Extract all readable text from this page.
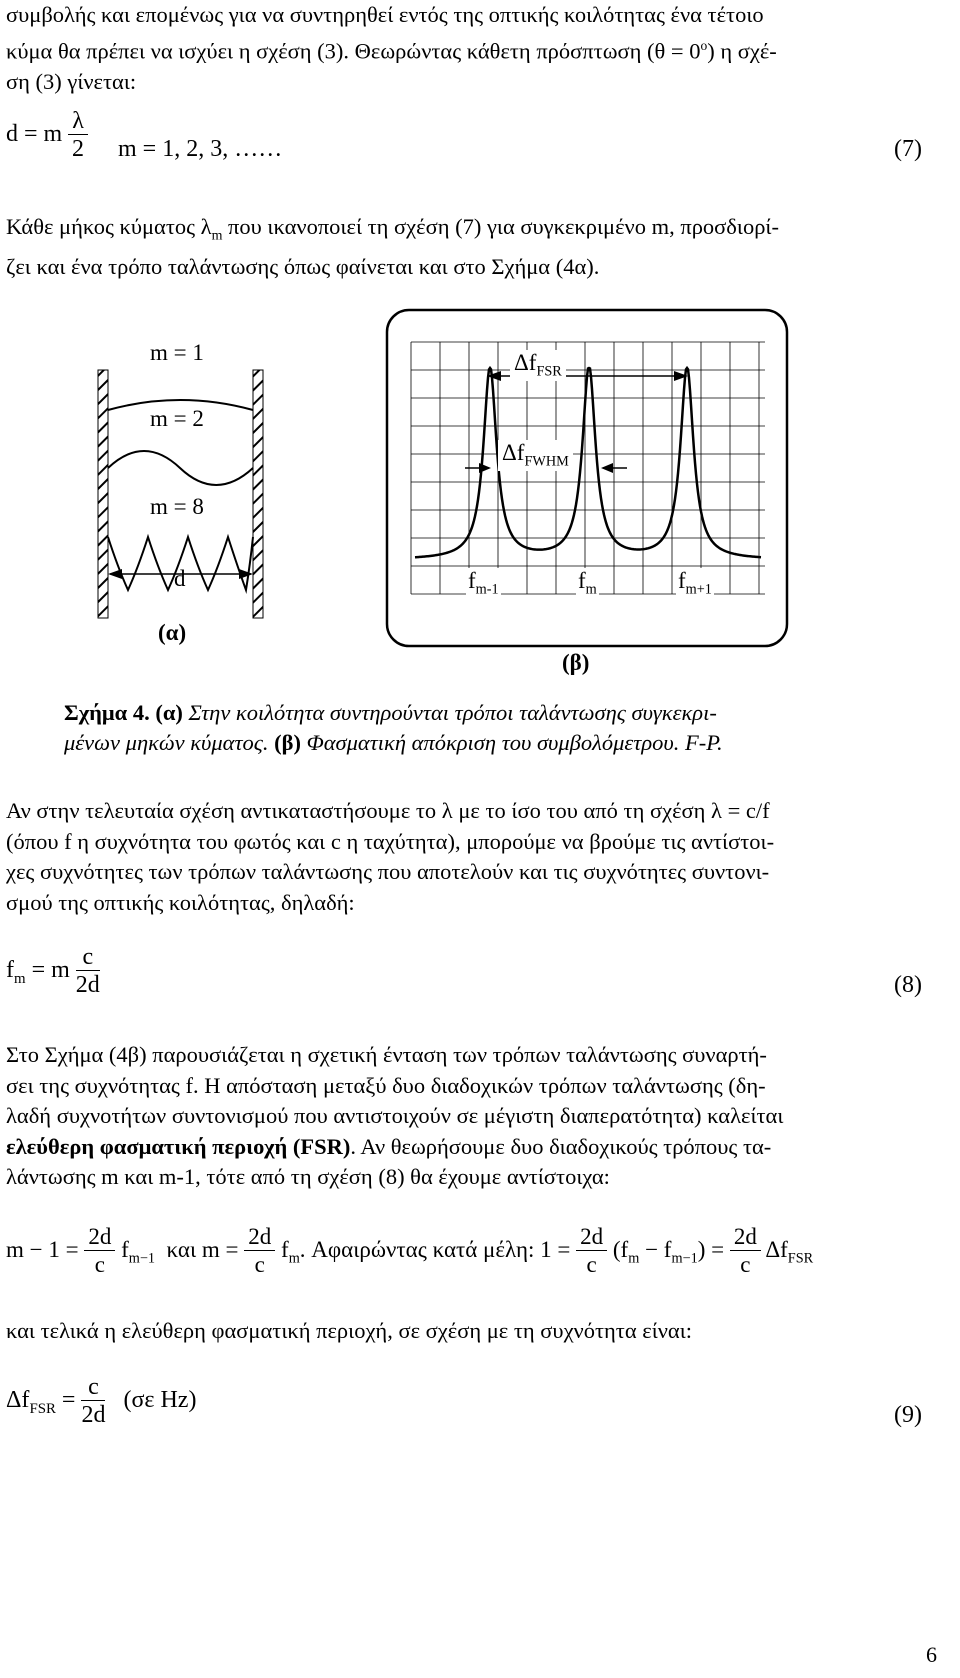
συμβολής και επομένως για να συντηρηθεί εντός της οπτικής κοιλότητας ένα τέτοιο
κύμα θα πρέπει να ισχύει η σχέση (3). Θεωρώντας κάθετη πρόσπτωση $(\theta = 0^o)$ η σχέ-
ση (3) γίνεται:
d = m $\frac{\lambda}{2}$ m = 1, 2, 3, ……	(7)
Κάθε μήκος κύματος $\lambda_m$ που ικανοποιεί τη σχέση (7) για συγκεκριμένο m, προσδιορί-
ζει και ένα τρόπο ταλάντωσης όπως φαίνεται και στο Σχήμα (4α).
m = 1
m = 2
m = 8
d
(α)
$\Delta f_{FSR}$
$\Delta f_{FWHM}$
$f_{m-1}$	$f_m$	$f_{m+1}$
(β)
Σχήμα 4. (α) Στην κοιλότητα συντηρούνται τρόποι ταλάντωσης συγκεκρι-
μένων μηκών κύματος. (β) Φασματική απόκριση του συμβολόμετρου. F-P.
Αν στην τελευταία σχέση αντικαταστήσουμε το λ με το ίσο του από τη σχέση λ = c/f
(όπου f η συχνότητα του φωτός και c η ταχύτητα), μπορούμε να βρούμε τις αντίστοι-
χες συχνότητες των τρόπων ταλάντωσης που αποτελούν και τις συχνότητες συντονι-
σμού της οπτικής κοιλότητας, δηλαδή:
$f_m = m \frac{c}{2d}$	(8)
Στο Σχήμα (4β) παρουσιάζεται η σχετική ένταση των τρόπων ταλάντωσης συναρτή-
σει της συχνότητας f. Η απόσταση μεταξύ δυο διαδοχικών τρόπων ταλάντωσης (δη-
λαδή συχνοτήτων συντονισμού που αντιστοιχούν σε μέγιστη διαπερατότητα) καλείται
ελεύθερη φασματική περιοχή (FSR). Αν θεωρήσουμε δυο διαδοχικούς τρόπους τα-
λάντωσης m και m-1, τότε από τη σχέση (8) θα έχουμε αντίστοιχα:
$m - 1 = \frac{2d}{c} f_{m-1}$ και $m = \frac{2d}{c} f_m$. Αφαιρώντας κατά μέλη: $1 = \frac{2d}{c} (f_m - f_{m-1}) = \frac{2d}{c} \Delta f_{FSR}$
και τελικά η ελεύθερη φασματική περιοχή, σε σχέση με τη συχνότητα είναι:
$\Delta f_{FSR} = \frac{c}{2d} (\sigma\varepsilon$ Hz)
(9)
6
